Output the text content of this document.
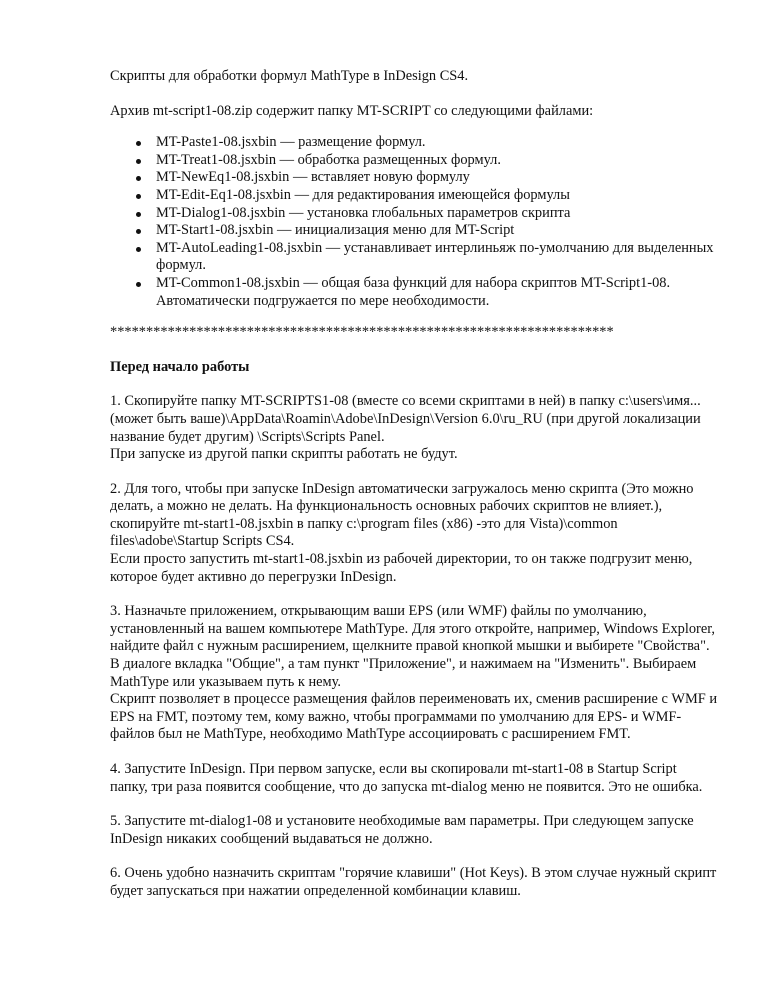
Скрипты для обработки формул MathType в InDesign CS4.

Архив mt-script1-08.zip содержит папку MT-SCRIPT со следующими файлами:

MT-Paste1-08.jsxbin — размещение формул.
MT-Treat1-08.jsxbin — обработка размещенных формул.
MT-NewEq1-08.jsxbin — вставляет новую формулу
MT-Edit-Eq1-08.jsxbin — для редактирования имеющейся формулы
MT-Dialog1-08.jsxbin — установка глобальных параметров скрипта
MT-Start1-08.jsxbin — инициализация меню для MT-Script
MT-AutoLeading1-08.jsxbin — устанавливает интерлиньяж по-умолчанию для выделенных формул.
MT-Common1-08.jsxbin — общая база функций для набора скриптов MT-Script1-08. Автоматически подгружается по мере необходимости.

**********************************************************************

Перед начало работы

1. Скопируйте папку MT-SCRIPTS1-08 (вместе со всеми скриптами в ней) в папку c:\users\имя...(может быть ваше)\AppData\Roamin\Adobe\InDesign\Version 6.0\ru_RU (при другой локализации название будет другим) \Scripts\Scripts Panel.
При запуске из другой папки скрипты работать не будут.
2. Для того, чтобы при запуске InDesign автоматически загружалось меню скрипта (Это можно делать, а можно не делать. На функциональность основных рабочих скриптов не влияет.), скопируйте mt-start1-08.jsxbin в папку c:\program files (x86) -это для Vista)\common files\adobe\Startup Scripts CS4.
Если просто запустить mt-start1-08.jsxbin из рабочей директории, то он также подгрузит меню, которое будет активно до перегрузки InDesign.
3. Назначьте приложением, открывающим ваши EPS (или WMF) файлы по умолчанию, установленный на вашем компьютере MathType. Для этого откройте, например, Windows Explorer, найдите файл с нужным расширением, щелкните правой кнопкой мышки и выбирете "Свойства". В диалоге вкладка "Общие", а там пункт "Приложение", и нажимаем на "Изменить". Выбираем MathType или указываем путь к нему.
Скрипт позволяет в процессе размещения файлов переименовать их, сменив расширение с WMF и EPS на FMT, поэтому тем, кому важно, чтобы программами по умолчанию для EPS- и WMF-файлов был не MathType, необходимо MathType ассоциировать с расширением FMT.
4. Запустите InDesign. При первом запуске, если вы скопировали mt-start1-08 в Startup Script папку, три раза появится сообщение, что до запуска mt-dialog меню не появится. Это не ошибка.
5. Запустите mt-dialog1-08 и установите необходимые вам параметры. При следующем запуске InDesign никаких сообщений выдаваться не должно.
6. Очень удобно назначить скриптам "горячие клавиши" (Hot Keys). В этом случае нужный скрипт будет запускаться при нажатии определенной комбинации клавиш.
